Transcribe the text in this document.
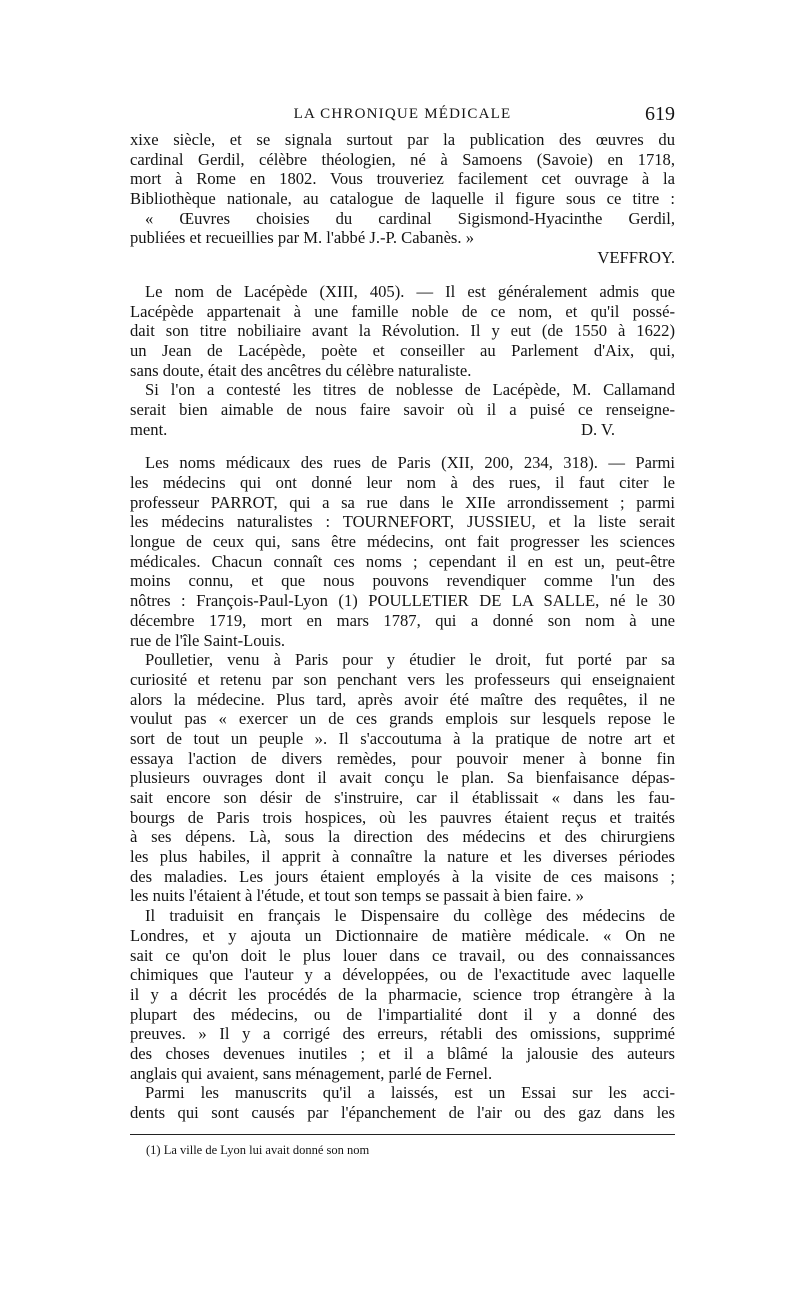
LA CHRONIQUE MÉDICALE	619
xixe siècle, et se signala surtout par la publication des œuvres du
cardinal Gerdil, célèbre théologien, né à Samoens (Savoie) en 1718,
mort à Rome en 1802. Vous trouveriez facilement cet ouvrage à la
Bibliothèque nationale, au catalogue de laquelle il figure sous ce titre :
« Œuvres choisies du cardinal Sigismond-Hyacinthe Gerdil,
publiées et recueillies par M. l'abbé J.-P. Cabanès. »
VEFFROY.
Le nom de Lacépède (XIII, 405). — Il est généralement admis que
Lacépède appartenait à une famille noble de ce nom, et qu'il possé-
dait son titre nobiliaire avant la Révolution. Il y eut (de 1550 à 1622)
un Jean de Lacépède, poète et conseiller au Parlement d'Aix, qui,
sans doute, était des ancêtres du célèbre naturaliste.
Si l'on a contesté les titres de noblesse de Lacépède, M. Callamand
serait bien aimable de nous faire savoir où il a puisé ce renseigne-
ment.	D. V.
Les noms médicaux des rues de Paris (XII, 200, 234, 318). — Parmi
les médecins qui ont donné leur nom à des rues, il faut citer le
professeur PARROT, qui a sa rue dans le XIIe arrondissement ; parmi
les médecins naturalistes : TOURNEFORT, JUSSIEU, et la liste serait
longue de ceux qui, sans être médecins, ont fait progresser les sciences
médicales. Chacun connaît ces noms ; cependant il en est un, peut-être
moins connu, et que nous pouvons revendiquer comme l'un des
nôtres : François-Paul-Lyon (1) POULLETIER DE LA SALLE, né le 30
décembre 1719, mort en mars 1787, qui a donné son nom à une
rue de l'île Saint-Louis.
Poulletier, venu à Paris pour y étudier le droit, fut porté par sa
curiosité et retenu par son penchant vers les professeurs qui enseignaient
alors la médecine. Plus tard, après avoir été maître des requêtes, il ne
voulut pas « exercer un de ces grands emplois sur lesquels repose le
sort de tout un peuple ». Il s'accoutuma à la pratique de notre art et
essaya l'action de divers remèdes, pour pouvoir mener à bonne fin
plusieurs ouvrages dont il avait conçu le plan. Sa bienfaisance dépas-
sait encore son désir de s'instruire, car il établissait « dans les fau-
bourgs de Paris trois hospices, où les pauvres étaient reçus et traités
à ses dépens. Là, sous la direction des médecins et des chirurgiens
les plus habiles, il apprit à connaître la nature et les diverses périodes
des maladies. Les jours étaient employés à la visite de ces maisons ;
les nuits l'étaient à l'étude, et tout son temps se passait à bien faire. »
Il traduisit en français le Dispensaire du collège des médecins de
Londres, et y ajouta un Dictionnaire de matière médicale. « On ne
sait ce qu'on doit le plus louer dans ce travail, ou des connaissances
chimiques que l'auteur y a développées, ou de l'exactitude avec laquelle
il y a décrit les procédés de la pharmacie, science trop étrangère à la
plupart des médecins, ou de l'impartialité dont il y a donné des
preuves. » Il y a corrigé des erreurs, rétabli des omissions, supprimé
des choses devenues inutiles ; et il a blâmé la jalousie des auteurs
anglais qui avaient, sans ménagement, parlé de Fernel.
Parmi les manuscrits qu'il a laissés, est un Essai sur les acci-
dents qui sont causés par l'épanchement de l'air ou des gaz dans les
(1) La ville de Lyon lui avait donné son nom
